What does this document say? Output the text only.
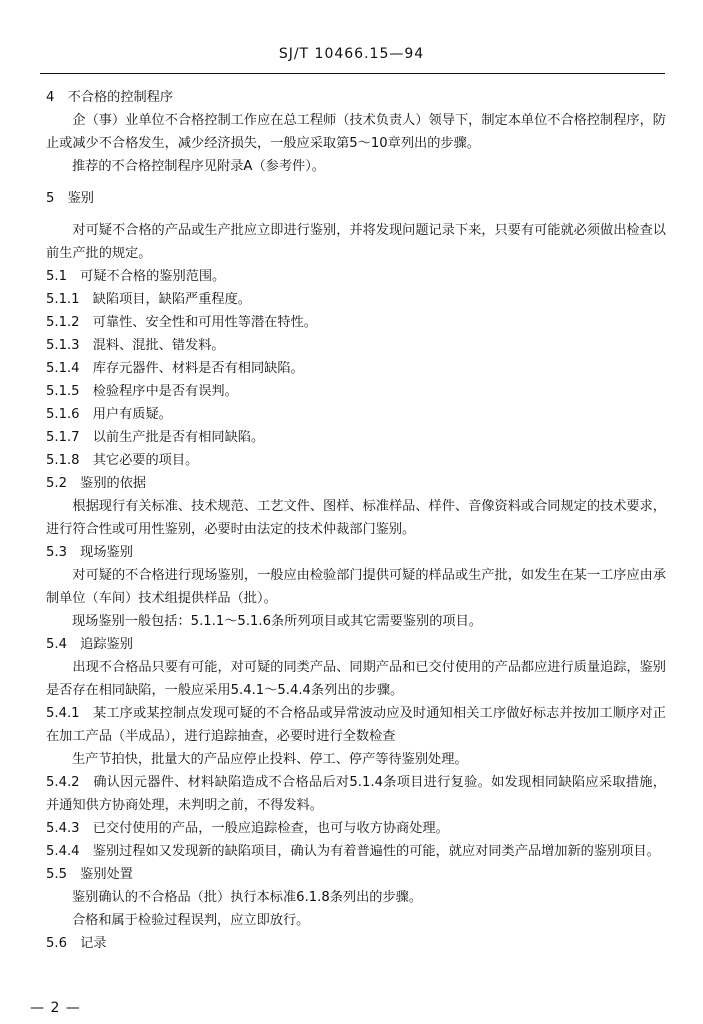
SJ/T 10466.15—94
4　不合格的控制程序
企（事）业单位不合格控制工作应在总工程师（技术负责人）领导下，制定本单位不合格控制程序，防止或减少不合格发生，减少经济损失，一般应采取第5～10章列出的步骤。
推荐的不合格控制程序见附录A（参考件）。
5　鉴别
对可疑不合格的产品或生产批应立即进行鉴别，并将发现问题记录下来，只要有可能就必须做出检查以前生产批的规定。
5.1　可疑不合格的鉴别范围。
5.1.1　缺陷项目，缺陷严重程度。
5.1.2　可靠性、安全性和可用性等潜在特性。
5.1.3　混料、混批、错发料。
5.1.4　库存元器件、材料是否有相同缺陷。
5.1.5　检验程序中是否有误判。
5.1.6　用户有质疑。
5.1.7　以前生产批是否有相同缺陷。
5.1.8　其它必要的项目。
5.2　鉴别的依据
根据现行有关标准、技术规范、工艺文件、图样、标准样品、样件、音像资料或合同规定的技术要求，进行符合性或可用性鉴别，必要时由法定的技术仲裁部门鉴别。
5.3　现场鉴别
对可疑的不合格进行现场鉴别，一般应由检验部门提供可疑的样品或生产批，如发生在某一工序应由承制单位（车间）技术组提供样品（批）。
现场鉴别一般包括：5.1.1～5.1.6条所列项目或其它需要鉴别的项目。
5.4　追踪鉴别
出现不合格品只要有可能，对可疑的同类产品、同期产品和已交付使用的产品都应进行质量追踪，鉴别是否存在相同缺陷，一般应采用5.4.1～5.4.4条列出的步骤。
5.4.1　某工序或某控制点发现可疑的不合格品或异常波动应及时通知相关工序做好标志并按加工顺序对正在加工产品（半成品），进行追踪抽查，必要时进行全数检查
生产节拍快，批量大的产品应停止投料、停工、停产等待鉴别处理。
5.4.2　确认因元器件、材料缺陷造成不合格品后对5.1.4条项目进行复验。如发现相同缺陷应采取措施，并通知供方协商处理，未判明之前，不得发料。
5.4.3　已交付使用的产品，一般应追踪检查，也可与收方协商处理。
5.4.4　鉴别过程如又发现新的缺陷项目，确认为有着普遍性的可能，就应对同类产品增加新的鉴别项目。
5.5　鉴别处置
鉴别确认的不合格品（批）执行本标准6.1.8条列出的步骤。
合格和属于检验过程误判，应立即放行。
5.6　记录
— 2 —
